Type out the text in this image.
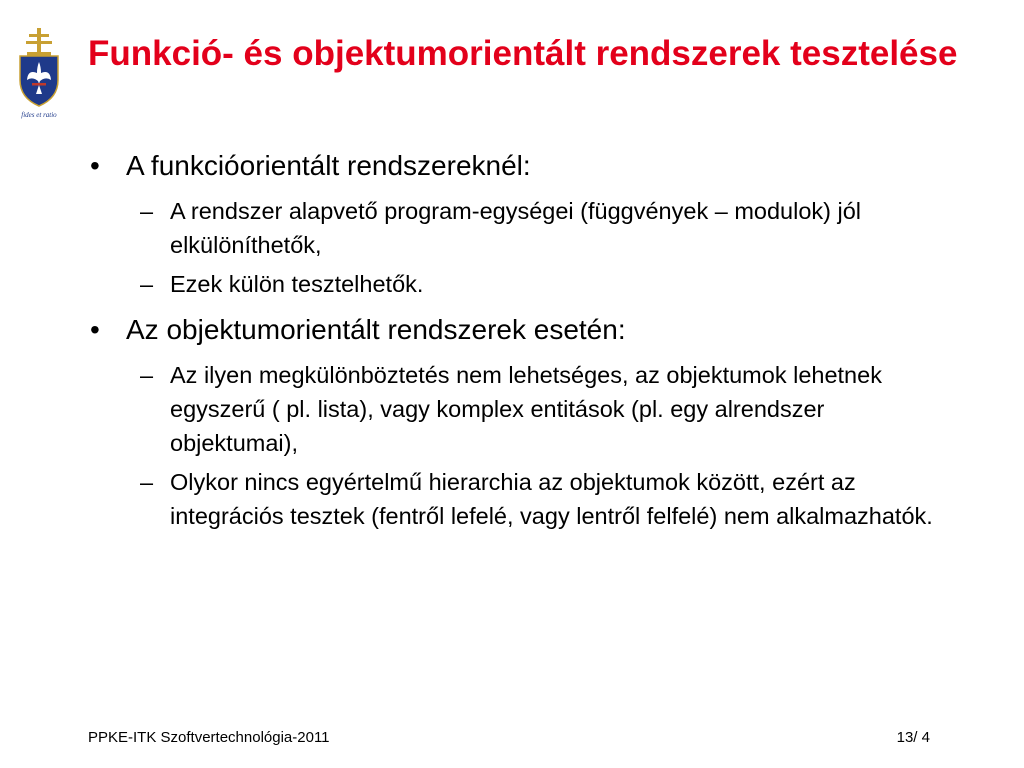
fides et ratio
Funkció- és objektumorientált rendszerek tesztelése
• A funkcióorientált rendszereknél:
– A rendszer alapvető program-egységei (függvények – modulok) jól elkülöníthetők,
– Ezek külön tesztelhetők.
• Az objektumorientált rendszerek esetén:
– Az ilyen megkülönböztetés nem lehetséges, az objektumok lehetnek egyszerű ( pl. lista), vagy komplex entitások (pl. egy alrendszer objektumai),
– Olykor nincs egyértelmű hierarchia az objektumok között, ezért az integrációs tesztek (fentről lefelé, vagy lentről felfelé) nem alkalmazhatók.
PPKE-ITK Szoftvertechnológia-2011	13/ 4
